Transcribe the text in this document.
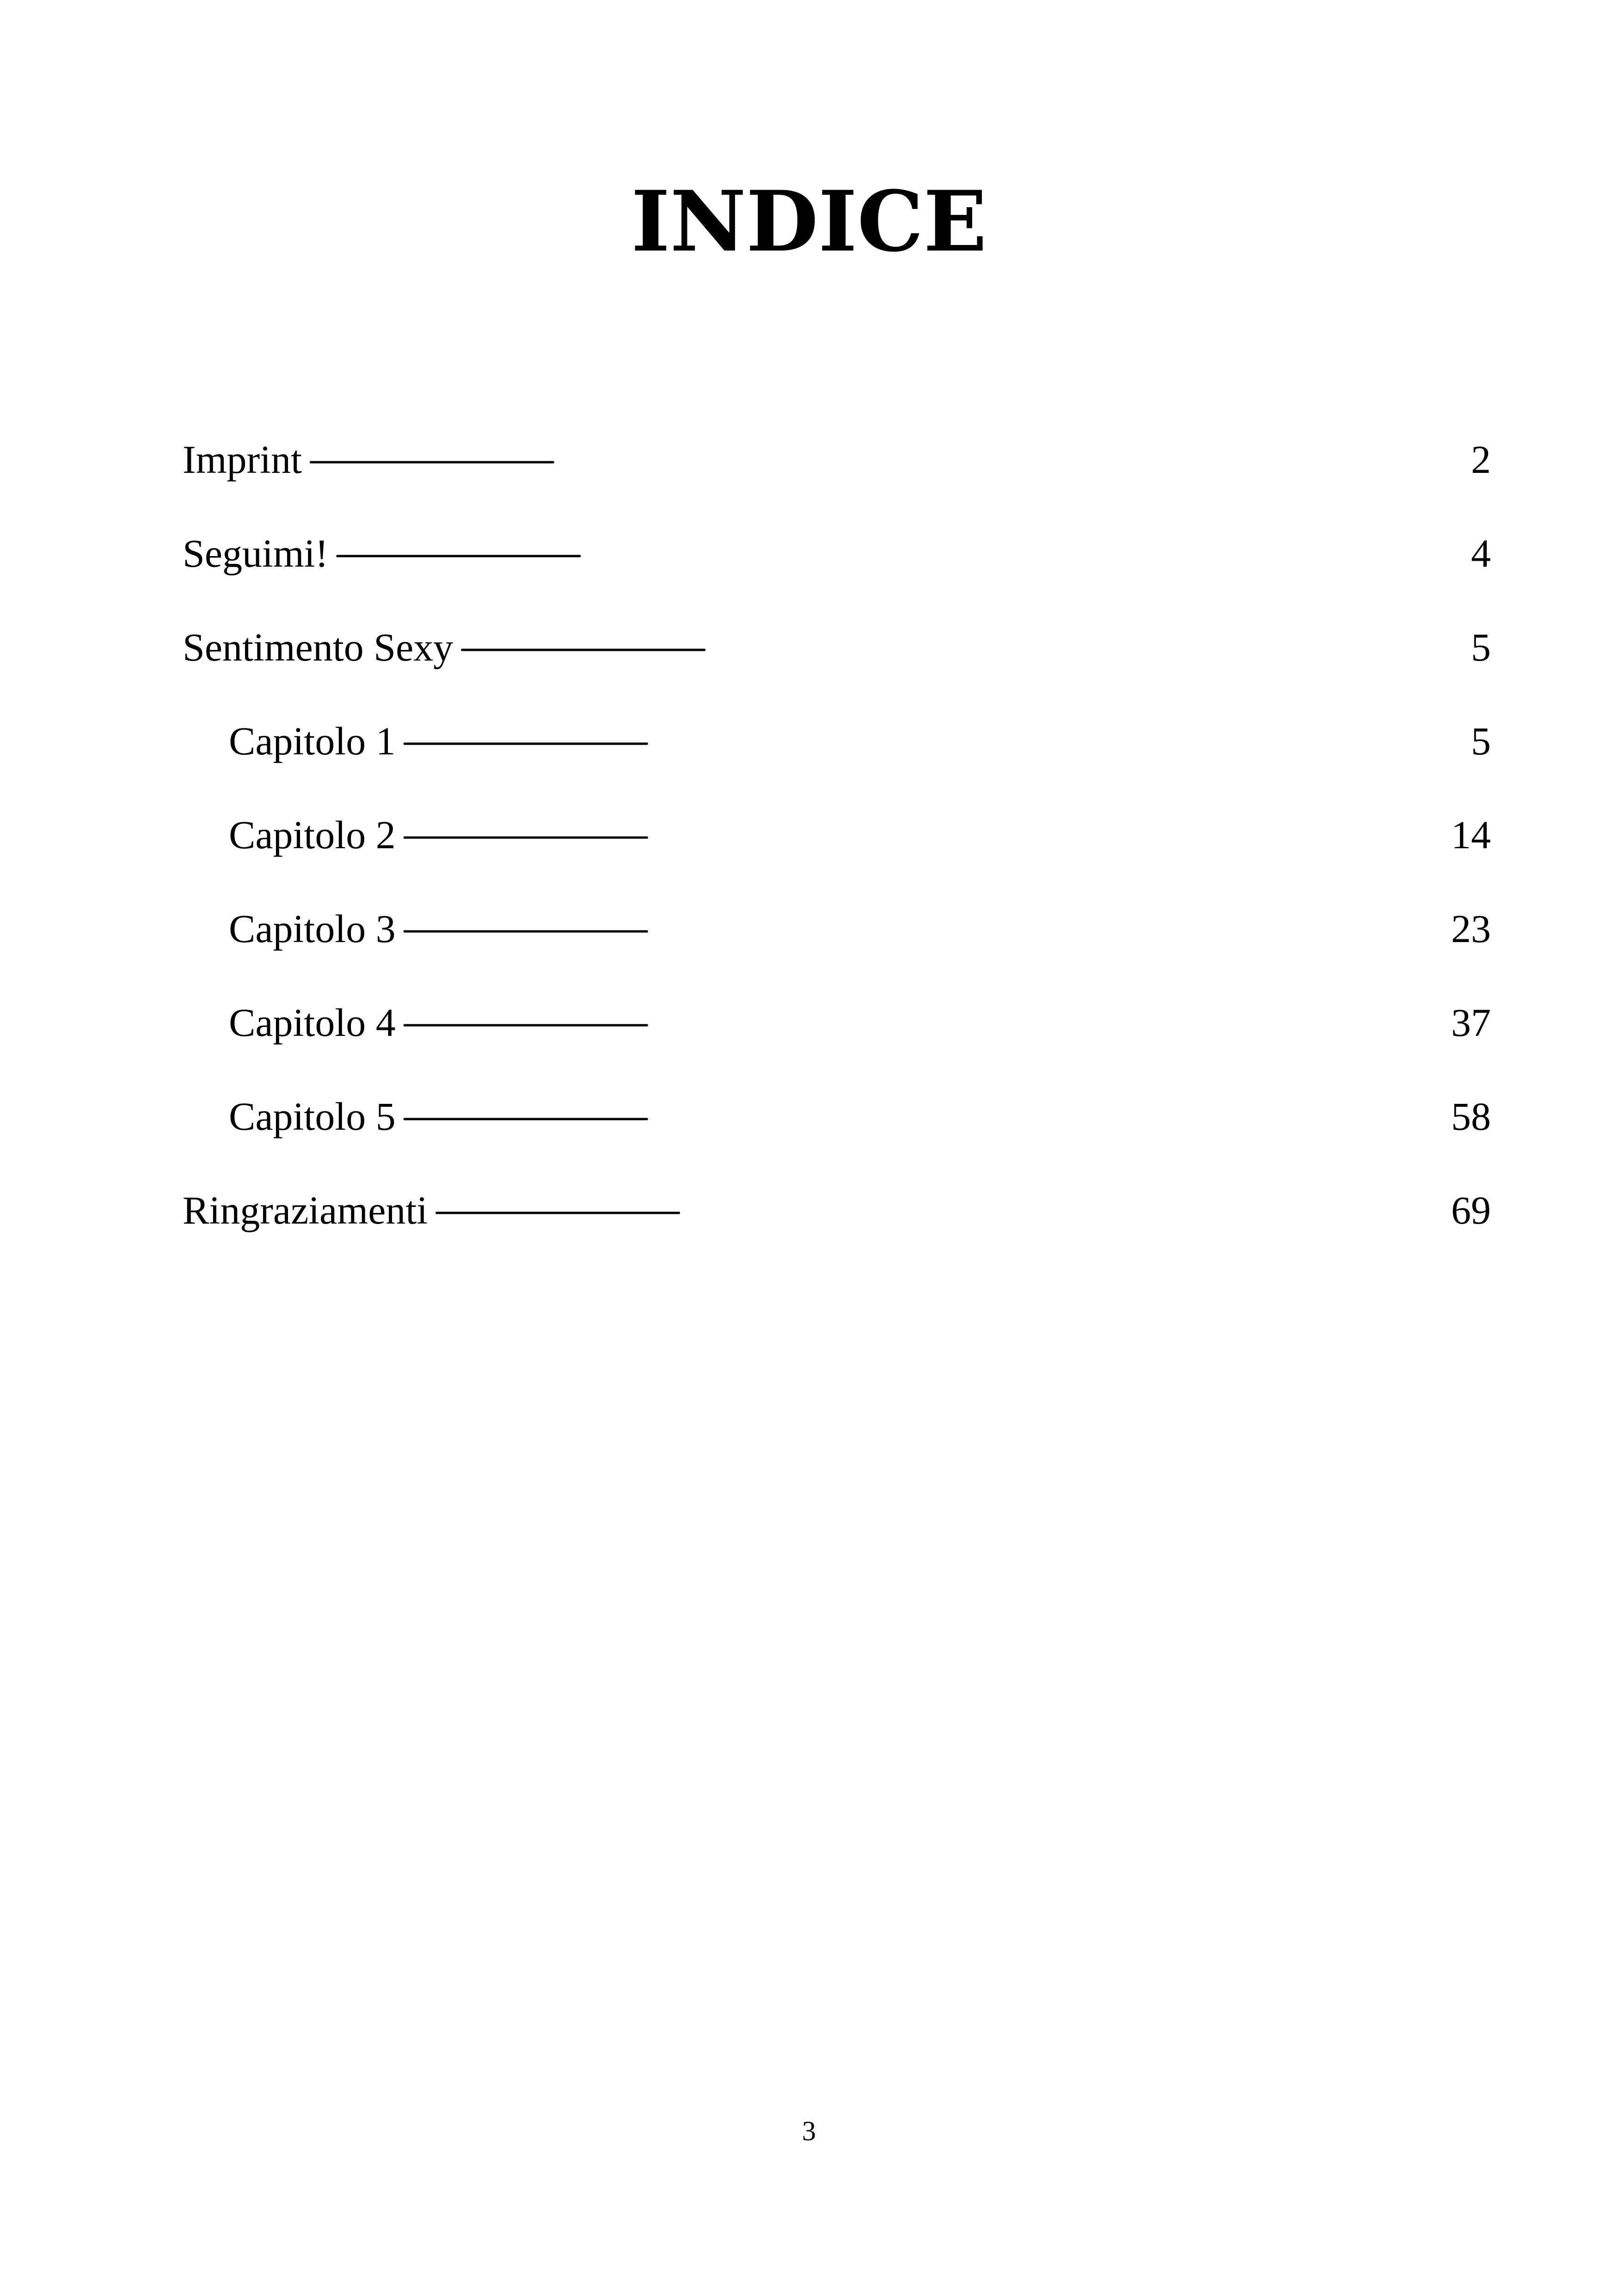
INDICE
Imprint . . .	2
Seguimi! . . .	4
Sentimento Sexy . . .	5
Capitolo 1 . . .	5
Capitolo 2 . . .	14
Capitolo 3 . . .	23
Capitolo 4 . . .	37
Capitolo 5 . . .	58
Ringraziamenti . . .	69
3
